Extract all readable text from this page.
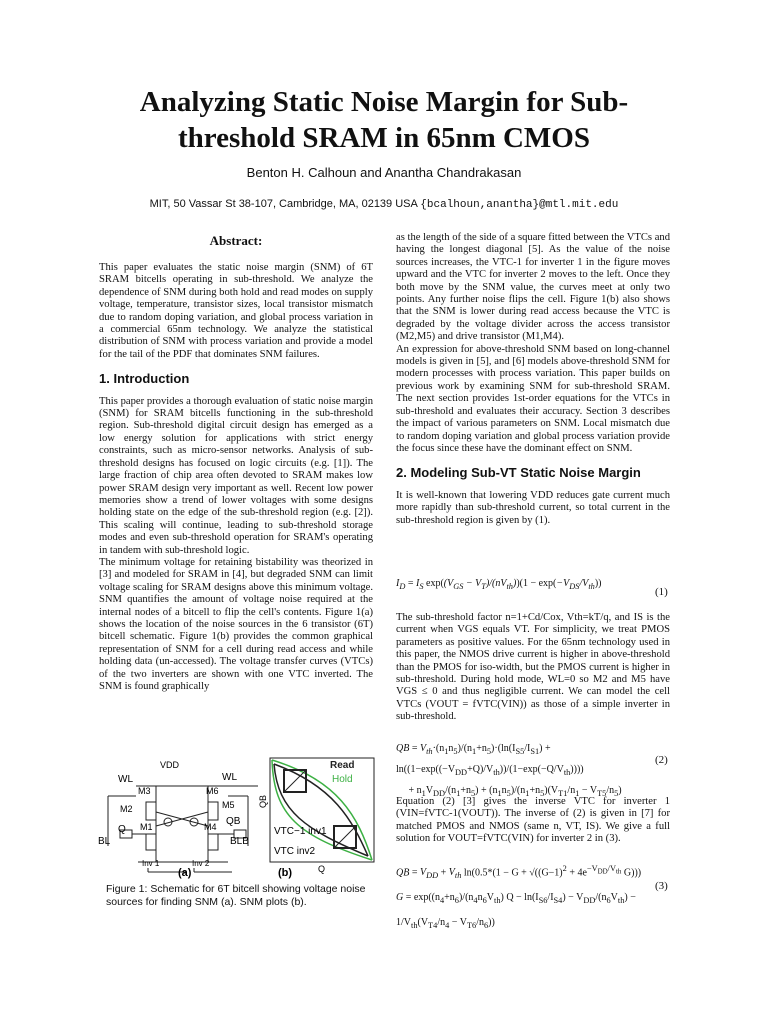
Analyzing Static Noise Margin for Sub-threshold SRAM in 65nm CMOS
Benton H. Calhoun and Anantha Chandrakasan
MIT, 50 Vassar St 38-107, Cambridge, MA, 02139 USA {bcalhoun,anantha}@mtl.mit.edu
Abstract:

This paper evaluates the static noise margin (SNM) of 6T SRAM bitcells operating in sub-threshold. We analyze the dependence of SNM during both hold and read modes on supply voltage, temperature, transistor sizes, local transistor mismatch due to random doping variation, and global process variation in a commercial 65nm technology. We analyze the statistical distribution of SNM with process variation and provide a model for the tail of the PDF that dominates SNM failures.

1. Introduction

This paper provides a thorough evaluation of static noise margin (SNM) for SRAM bitcells functioning in the sub-threshold region. Sub-threshold digital circuit design has emerged as a low energy solution for applications with strict energy constraints, such as micro-sensor networks. Analysis of sub-threshold designs has focused on logic circuits (e.g. [1]). The large fraction of chip area often devoted to SRAM makes low power SRAM design very important as well. Recent low power memories show a trend of lower voltages with some designs holding state on the edge of the sub-threshold region (e.g. [2]). This scaling will continue, leading to sub-threshold storage modes and even sub-threshold operation for SRAM's operating in tandem with sub-threshold logic.

The minimum voltage for retaining bistability was theorized in [3] and modeled for SRAM in [4], but degraded SNM can limit voltage scaling for SRAM designs above this minimum voltage. SNM quantifies the amount of voltage noise required at the internal nodes of a bitcell to flip the cell's contents. Figure 1(a) shows the location of the noise sources in the 6 transistor (6T) bitcell schematic. Figure 1(b) provides the common graphical representation of SNM for a cell during read access and while holding data (un-accessed). The voltage transfer curves (VTCs) of the two inverters are shown with one VTC inverted. The SNM is found graphically

VDD
WL	WL
M3	M6
M2	M5
M1	M4
Q
QB
BL	BLB
Inv 1	Inv 2
(a)
Read
Hold
VTC−1 inv1
VTC inv2
QB
Q
(b)
Figure 1: Schematic for 6T bitcell showing voltage noise sources for finding SNM (a). SNM plots (b).

as the length of the side of a square fitted between the VTCs and having the longest diagonal [5]. As the value of the noise sources increases, the VTC-1 for inverter 1 in the figure moves upward and the VTC for inverter 2 moves to the left. Once they both move by the SNM value, the curves meet at only two points. Any further noise flips the cell. Figure 1(b) also shows that the SNM is lower during read access because the VTC is degraded by the voltage divider across the access transistor (M2,M5) and drive transistor (M1,M4).

An expression for above-threshold SNM based on long-channel models is given in [5], and [6] models above-threshold SNM for modern processes with process variation. This paper builds on previous work by examining SNM for sub-threshold SRAM. The next section provides 1st-order equations for the VTCs in sub-threshold and evaluates their accuracy. Section 3 describes the impact of various parameters on SNM. Local mismatch due to random doping variation and global process variation provide the focus since these have the dominant effect on SNM.

2. Modeling Sub-VT Static Noise Margin

It is well-known that lowering VDD reduces gate current much more rapidly than sub-threshold current, so total current in the sub-threshold region is given by (1).

$I_D = I_S$ $\exp((V_{GS} - V_T)/(nV_{th}))(1 - \exp(-V_{DS}/V_{th}))$
(1)

The sub-threshold factor n=1+Cd/Cox, Vth=kT/q, and IS is the current when VGS equals VT. For simplicity, we treat PMOS parameters as positive values. For the 65nm technology used in this paper, the NMOS drive current is higher in above-threshold than the PMOS for iso-width, but the PMOS current is higher in sub-threshold. During hold mode, WL=0 so M2 and M5 have VGS ≤ 0 and thus negligible current. We can model the cell VTCs (VOUT = fVTC(VIN)) as those of a simple inverter in sub-threshold.

QB = $V_{th}\cdot(n_1n_5)/(n_1+n_5)\cdot(\ln(I_{S5}/I_{S1}) + \ln((1-\exp((-V_{DD}+Q)/V_{th}))/(1-\exp(-Q/V_{th}))))$
+ $n_1V_{DD}/(n_1+n_5) + (n_1n_5)/(n_1+n_5)(V_{T1}/n_1 - V_{T5}/n_5)$
(2)

Equation (2) [3] gives the inverse VTC for inverter 1 (VIN=fVTC-1(VOUT)). The inverse of (2) is given in [7] for matched PMOS and NMOS (same n, VT, IS). We give a full solution for VOUT=fVTC(VIN) for inverter 2 in (3).

QB = $V_{DD} + V_{th}$ $\ln(0.5*(1 - G + √((G-1)^2 + 4e^{-V_{DD}/V_{th}}$ G)))
$G = \exp((n_4+n_6)/(n_4n_6V_{th}) Q - \ln(I_{S6}/I_{S4}) - V_{DD}/(n_6V_{th}) - 1/V_{th}(V_{T4}/n_4 - V_{T6}/n_6))$
(3)
